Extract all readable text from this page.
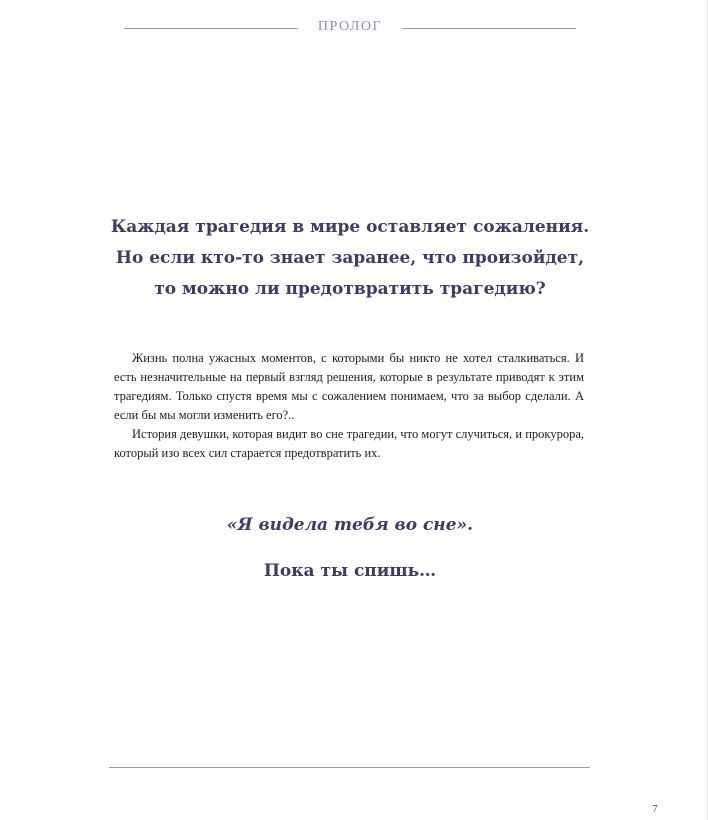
ПРОЛОГ
Каждая трагедия в мире оставляет сожаления.
Но если кто-то знает заранее, что произойдет,
то можно ли предотвратить трагедию?

Жизнь полна ужасных моментов, с которыми бы никто не хотел сталкиваться. И есть незначительные на первый взгляд решения, которые в результате приводят к этим трагедиям. Только спустя время мы с сожалением понимаем, что за выбор сделали. А если бы мы могли изменить его?..

История девушки, которая видит во сне трагедии, что могут случиться, и прокурора, который изо всех сил старается предотвратить их.

«Я видела тебя во сне».
Пока ты спишь…
7
